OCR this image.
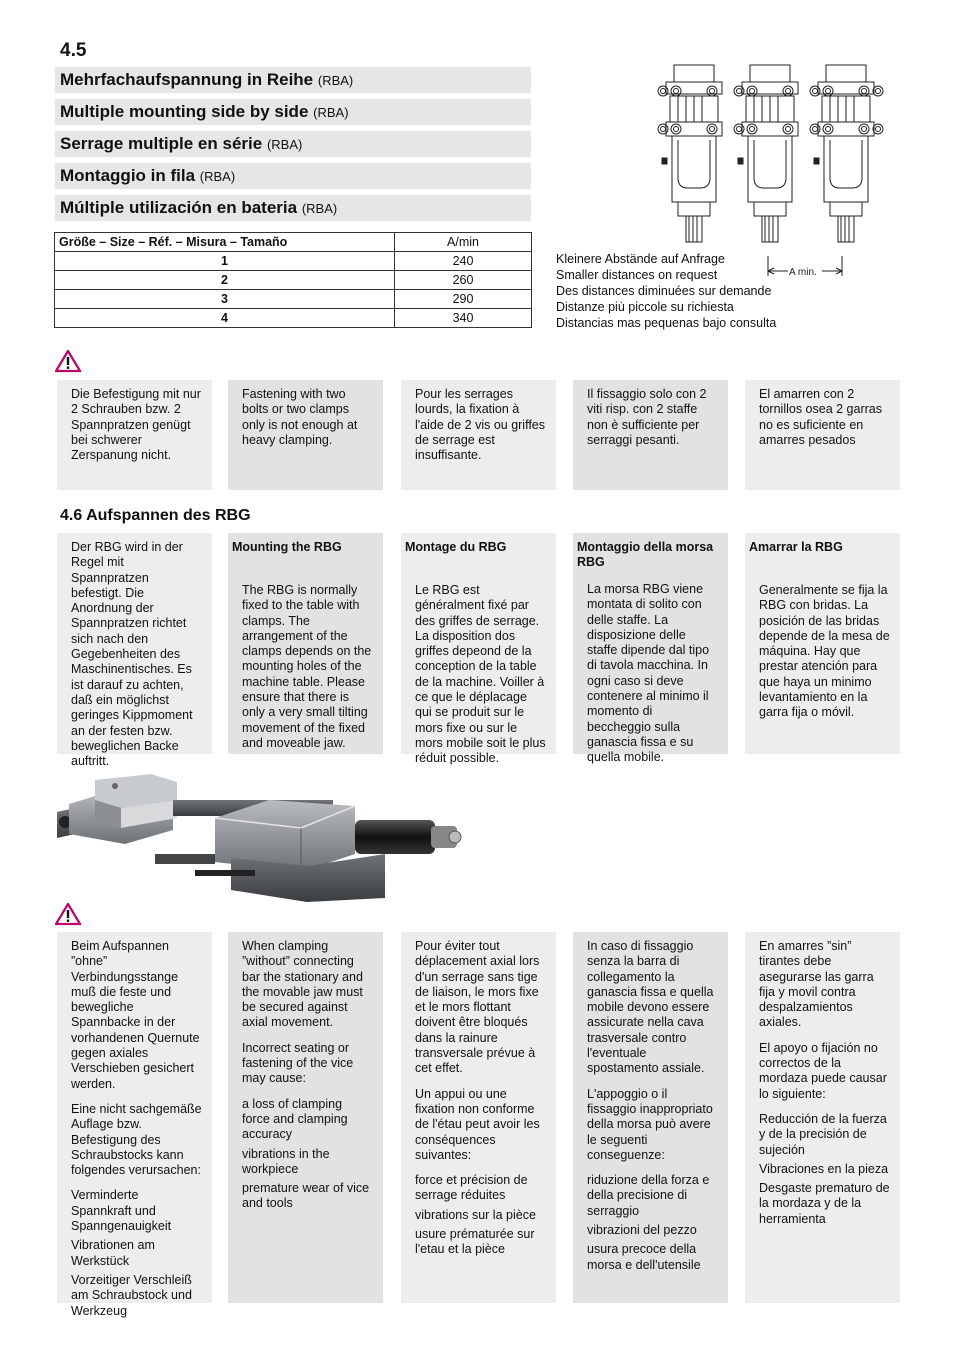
4.5
Mehrfachaufspannung in Reihe (RBA)
Multiple mounting side by side (RBA)
Serrage multiple en série (RBA)
Montaggio in fila (RBA)
Múltiple utilización en bateria (RBA)
Größe – Size – Réf. – Misura – Tamaño	A/min
1	240
2	260
3	290
4	340
A min.
Kleinere Abstände auf Anfrage
Smaller distances on request
Des distances diminuées sur demande
Distanze più piccole su richiesta
Distancias mas pequenas bajo consulta

Die Befestigung mit nur 2 Schrauben bzw. 2 Spannpratzen genügt bei schwerer Zerspanung nicht.

Fastening with two bolts or two clamps only is not enough at heavy clamping.

Pour les serrages lourds, la fixation à l'aide de 2 vis ou griffes de serrage est insuffisante.

Il fissaggio solo con 2 viti risp. con 2 staffe non è sufficiente per serraggi pesanti.

El amarren con 2 tornillos osea 2 garras no es suficiente en amarres pesados

4.6 Aufspannen des RBG

Der RBG wird in der Regel mit Spannpratzen befestigt. Die Anordnung der Spannpratzen richtet sich nach den Gegebenheiten des Maschinentisches. Es ist darauf zu achten, daß ein möglichst geringes Kippmoment an der festen bzw. beweglichen Backe auftritt.

Mounting the RBG

The RBG is normally fixed to the table with clamps. The arrangement of the clamps depends on the mounting holes of the machine table. Please ensure that there is only a very small tilting movement of the fixed and moveable jaw.

Montage du RBG

Le RBG est généralment fixé par des griffes de serrage. La disposition dos griffes depeond de la conception de la table de la machine. Voiller à ce que le déplacage qui se produit sur le mors fixe ou sur le mors mobile soit le plus réduit possible.

Montaggio della morsa RBG

La morsa RBG viene montata di solito con delle staffe. La disposizione delle staffe dipende dal tipo di tavola macchina. In ogni caso si deve contenere al minimo il momento di beccheggio sulla ganascia fissa e su quella mobile.

Amarrar la RBG

Generalmente se fija la RBG con bridas. La posición de las bridas depende de la mesa de máquina. Hay que prestar atención para que haya un minimo levantamiento en la garra fija o móvil.

Beim Aufspannen ”ohne” Verbindungsstange muß die feste und bewegliche Spannbacke in der vorhandenen Quernute gegen axiales Verschieben gesichert werden.

Eine nicht sachgemäße Auflage bzw. Befestigung des Schraubstocks kann folgendes verursachen:

Verminderte Spannkraft und Spanngenauigkeit

Vibrationen am Werkstück

Vorzeitiger Verschleiß am Schraubstock und Werkzeug

When clamping ”without” connecting bar the stationary and the movable jaw must be secured against axial movement.

Incorrect seating or fastening of the vice may cause:

a loss of clamping force and clamping accuracy

vibrations in the workpiece

premature wear of vice and tools

Pour éviter tout déplacement axial lors d'un serrage sans tige de liaison, le mors fixe et le mors flottant doivent être bloqués dans la rainure transversale prévue à cet effet.

Un appui ou une fixation non conforme de l'étau peut avoir les conséquences suivantes:

force et précision de serrage réduites

vibrations sur la pièce

usure prématurée sur l'etau et la pièce

In caso di fissaggio senza la barra di collegamento la ganascia fissa e quella mobile devono essere assicurate nella cava trasversale contro l'eventuale spostamento assiale.

L'appoggio o il fissaggio inappropriato della morsa può avere le seguenti conseguenze:

riduzione della forza e della precisione di serraggio

vibrazioni del pezzo

usura precoce della morsa e dell'utensile

En amarres ”sin” tirantes debe asegurarse las garra fija y movil contra despalzamientos axiales.

El apoyo o fijación no correctos de la mordaza puede causar lo siguiente:

Reducción de la fuerza y de la precisión de sujeción

Vibraciones en la pieza

Desgaste prematuro de la mordaza y de la herramienta
